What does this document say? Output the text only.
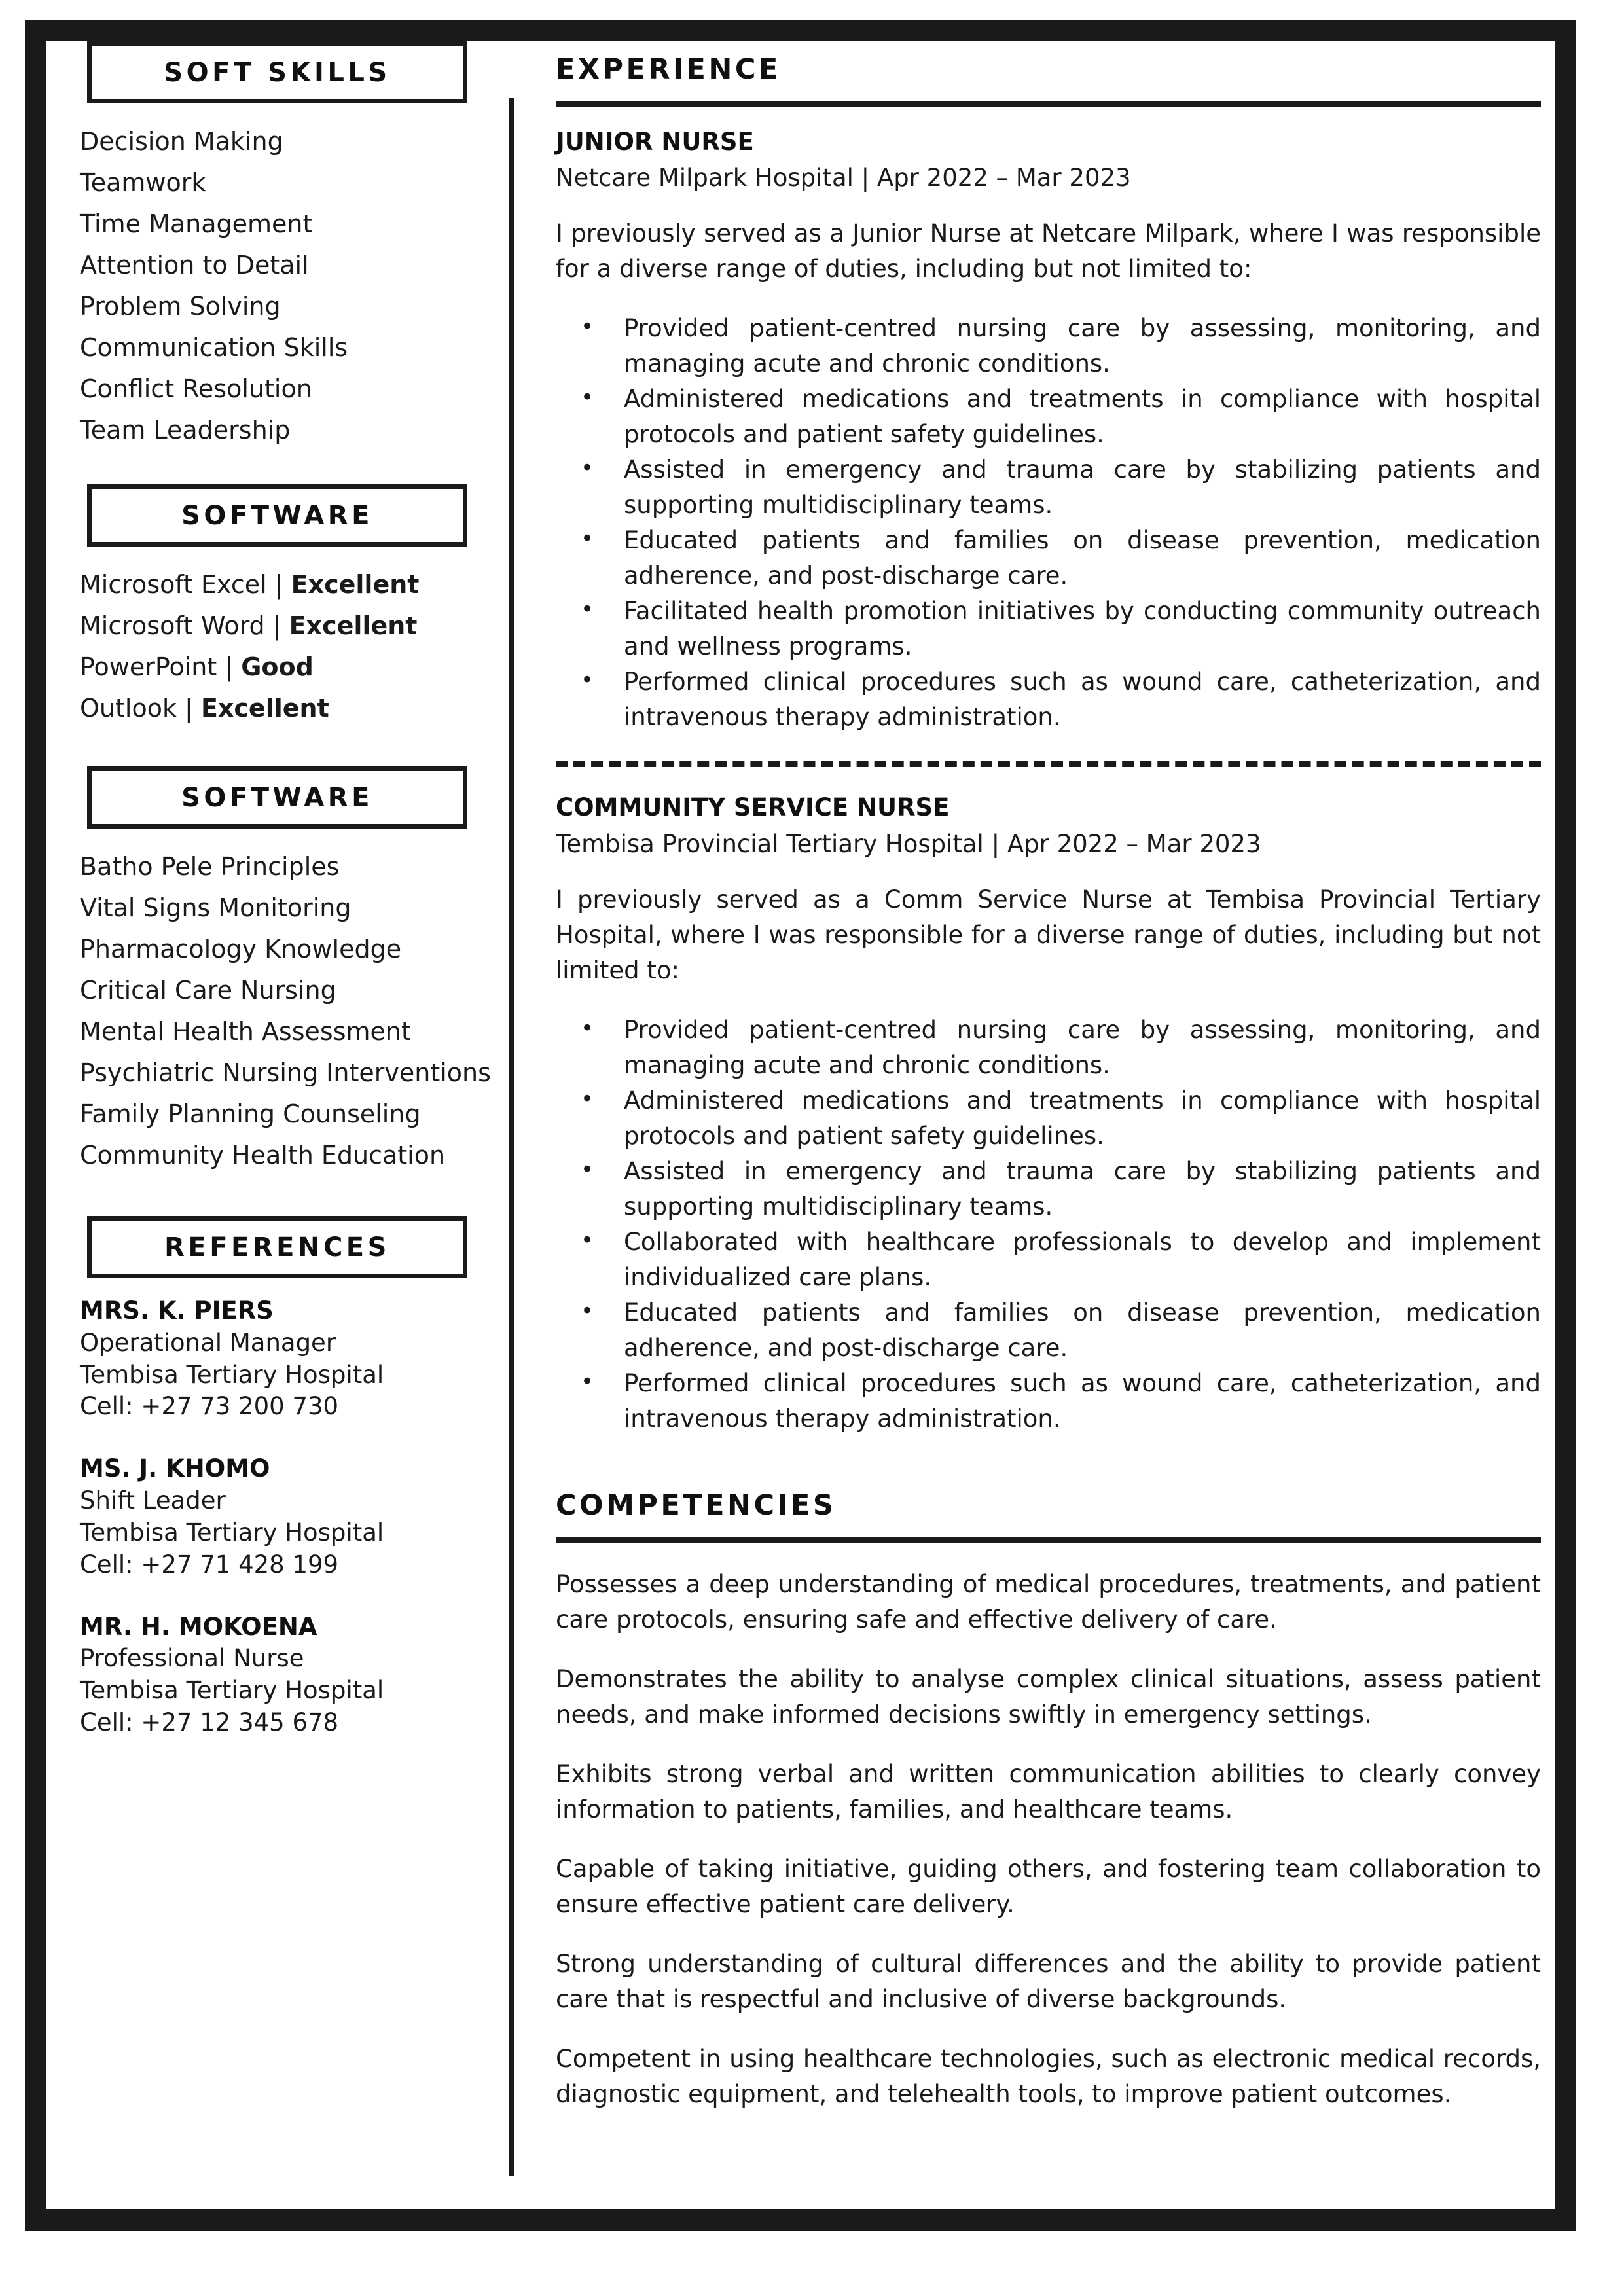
SOFT SKILLS
Decision Making
Teamwork
Time Management
Attention to Detail
Problem Solving
Communication Skills
Conflict Resolution
Team Leadership
SOFTWARE
Microsoft Excel | Excellent
Microsoft Word | Excellent
PowerPoint | Good
Outlook | Excellent
SOFTWARE
Batho Pele Principles
Vital Signs Monitoring
Pharmacology Knowledge
Critical Care Nursing
Mental Health Assessment
Psychiatric Nursing Interventions
Family Planning Counseling
Community Health Education
REFERENCES
MRS. K. PIERS
Operational Manager
Tembisa Tertiary Hospital
Cell: +27 73 200 730
MS. J. KHOMO
Shift Leader
Tembisa Tertiary Hospital
Cell: +27 71 428 199
MR. H. MOKOENA
Professional Nurse
Tembisa Tertiary Hospital
Cell: +27 12 345 678
EXPERIENCE
JUNIOR NURSE
Netcare Milpark Hospital | Apr 2022 – Mar 2023

I previously served as a Junior Nurse at Netcare Milpark, where I was responsible for a diverse range of duties, including but not limited to:

• Provided patient-centred nursing care by assessing, monitoring, and managing acute and chronic conditions.
• Administered medications and treatments in compliance with hospital protocols and patient safety guidelines.
• Assisted in emergency and trauma care by stabilizing patients and supporting multidisciplinary teams.
• Educated patients and families on disease prevention, medication adherence, and post-discharge care.
• Facilitated health promotion initiatives by conducting community outreach and wellness programs.
• Performed clinical procedures such as wound care, catheterization, and intravenous therapy administration.
COMMUNITY SERVICE NURSE
Tembisa Provincial Tertiary Hospital | Apr 2022 – Mar 2023

I previously served as a Comm Service Nurse at Tembisa Provincial Tertiary Hospital, where I was responsible for a diverse range of duties, including but not limited to:

• Provided patient-centred nursing care by assessing, monitoring, and managing acute and chronic conditions.
• Administered medications and treatments in compliance with hospital protocols and patient safety guidelines.
• Assisted in emergency and trauma care by stabilizing patients and supporting multidisciplinary teams.
• Collaborated with healthcare professionals to develop and implement individualized care plans.
• Educated patients and families on disease prevention, medication adherence, and post-discharge care.
• Performed clinical procedures such as wound care, catheterization, and intravenous therapy administration.
COMPETENCIES

Possesses a deep understanding of medical procedures, treatments, and patient care protocols, ensuring safe and effective delivery of care.

Demonstrates the ability to analyse complex clinical situations, assess patient needs, and make informed decisions swiftly in emergency settings.

Exhibits strong verbal and written communication abilities to clearly convey information to patients, families, and healthcare teams.

Capable of taking initiative, guiding others, and fostering team collaboration to ensure effective patient care delivery.

Strong understanding of cultural differences and the ability to provide patient care that is respectful and inclusive of diverse backgrounds.

Competent in using healthcare technologies, such as electronic medical records, diagnostic equipment, and telehealth tools, to improve patient outcomes.
